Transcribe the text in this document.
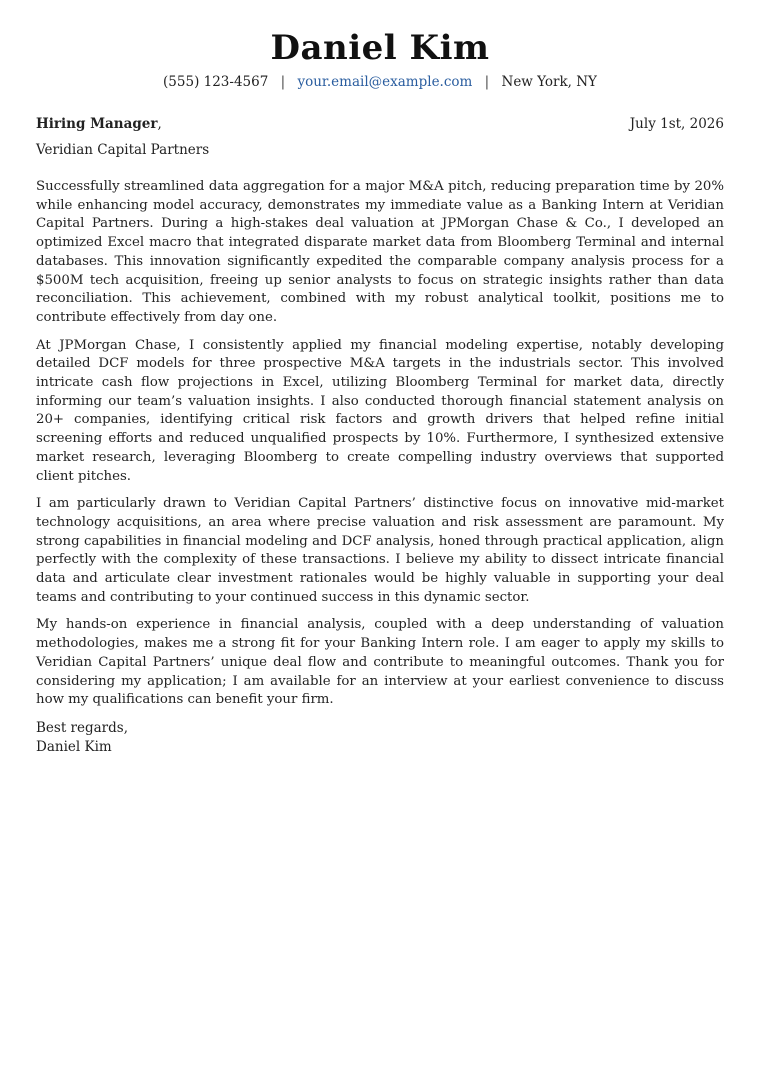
Daniel Kim
(555) 123-4567 | your.email@example.com | New York, NY
Hiring Manager,	July 1st, 2026
Veridian Capital Partners

Successfully streamlined data aggregation for a major M&A pitch, reducing preparation time by 20% while enhancing model accuracy, demonstrates my immediate value as a Banking Intern at Veridian Capital Partners. During a high-stakes deal valuation at JPMorgan Chase & Co., I developed an optimized Excel macro that integrated disparate market data from Bloomberg Terminal and internal databases. This innovation significantly expedited the comparable company analysis process for a $500M tech acquisition, freeing up senior analysts to focus on strategic insights rather than data reconciliation. This achievement, combined with my robust analytical toolkit, positions me to contribute effectively from day one.

At JPMorgan Chase, I consistently applied my financial modeling expertise, notably developing detailed DCF models for three prospective M&A targets in the industrials sector. This involved intricate cash flow projections in Excel, utilizing Bloomberg Terminal for market data, directly informing our team’s valuation insights. I also conducted thorough financial statement analysis on 20+ companies, identifying critical risk factors and growth drivers that helped refine initial screening efforts and reduced unqualified prospects by 10%. Furthermore, I synthesized extensive market research, leveraging Bloomberg to create compelling industry overviews that supported client pitches.

I am particularly drawn to Veridian Capital Partners’ distinctive focus on innovative mid-market technology acquisitions, an area where precise valuation and risk assessment are paramount. My strong capabilities in financial modeling and DCF analysis, honed through practical application, align perfectly with the complexity of these transactions. I believe my ability to dissect intricate financial data and articulate clear investment rationales would be highly valuable in supporting your deal teams and contributing to your continued success in this dynamic sector.

My hands-on experience in financial analysis, coupled with a deep understanding of valuation methodologies, makes me a strong fit for your Banking Intern role. I am eager to apply my skills to Veridian Capital Partners’ unique deal flow and contribute to meaningful outcomes. Thank you for considering my application; I am available for an interview at your earliest convenience to discuss how my qualifications can benefit your firm.

Best regards,
Daniel Kim
